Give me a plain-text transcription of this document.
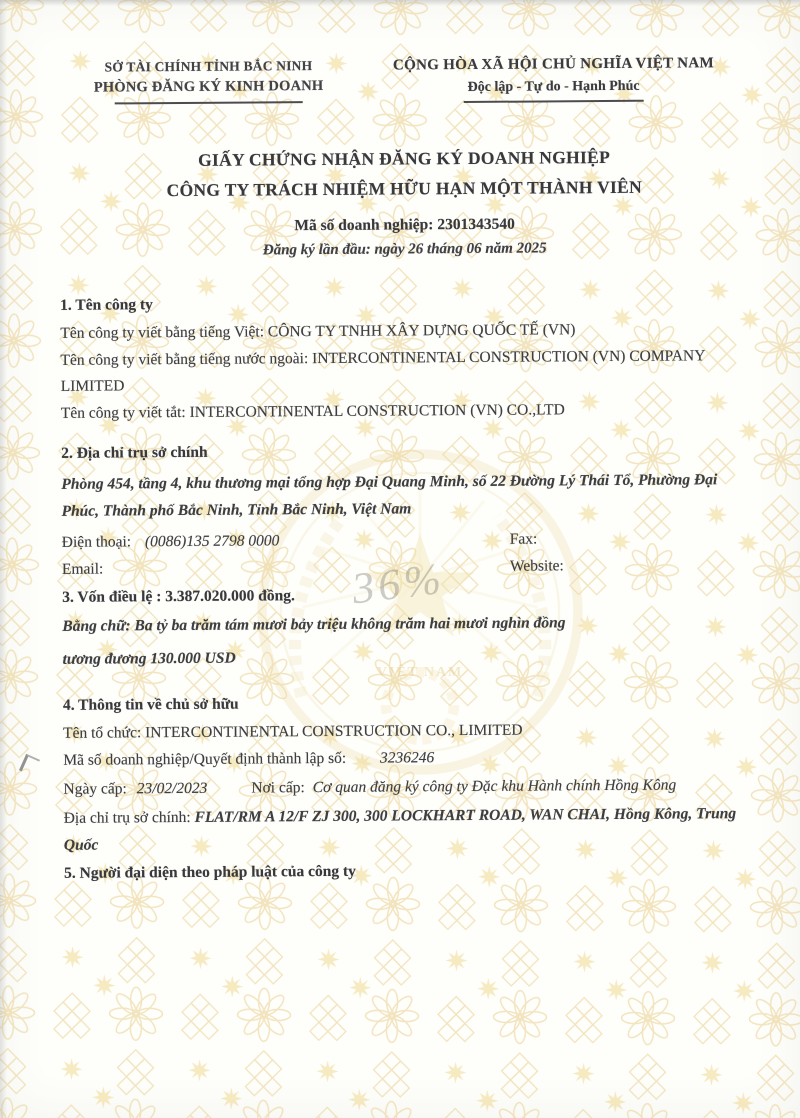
VIỆT NAM
36%
SỞ TÀI CHÍNH TỈNH BẮC NINH
PHÒNG ĐĂNG KÝ KINH DOANH
CỘNG HÒA XÃ HỘI CHỦ NGHĨA VIỆT NAM
Độc lập - Tự do - Hạnh Phúc
GIẤY CHỨNG NHẬN ĐĂNG KÝ DOANH NGHIỆP
CÔNG TY TRÁCH NHIỆM HỮU HẠN MỘT THÀNH VIÊN
Mã số doanh nghiệp: 2301343540
Đăng ký lần đầu: ngày 26 tháng 06 năm 2025
1. Tên công ty
Tên công ty viết bằng tiếng Việt: CÔNG TY TNHH XÂY DỰNG QUỐC TẾ (VN)
Tên công ty viết bằng tiếng nước ngoài: INTERCONTINENTAL CONSTRUCTION (VN) COMPANY LIMITED
Tên công ty viết tắt: INTERCONTINENTAL CONSTRUCTION (VN) CO.,LTD
2. Địa chỉ trụ sở chính
Phòng 454, tầng 4, khu thương mại tổng hợp Đại Quang Minh, số 22 Đường Lý Thái Tổ, Phường Đại Phúc, Thành phố Bắc Ninh, Tỉnh Bắc Ninh, Việt Nam
Điện thoại: (0086)135 2798 0000	Fax:
Email:	Website:
3. Vốn điều lệ : 3.387.020.000 đồng.
Bằng chữ: Ba tỷ ba trăm tám mươi bảy triệu không trăm hai mươi nghìn đồng
tương đương 130.000 USD
4. Thông tin về chủ sở hữu
Tên tổ chức: INTERCONTINENTAL CONSTRUCTION CO., LIMITED
Mã số doanh nghiệp/Quyết định thành lập số: 3236246
Ngày cấp: 23/02/2023	Nơi cấp: Cơ quan đăng ký công ty Đặc khu Hành chính Hồng Kông
Địa chỉ trụ sở chính: FLAT/RM A 12/F ZJ 300, 300 LOCKHART ROAD, WAN CHAI, Hồng Kông, Trung Quốc
5. Người đại diện theo pháp luật của công ty
